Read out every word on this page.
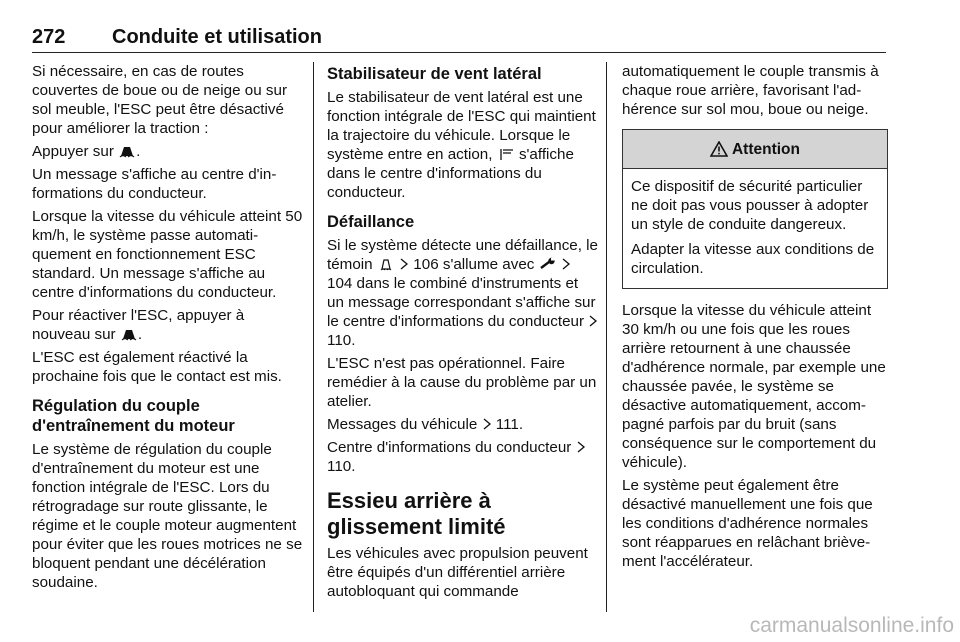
272 Conduite et utilisation

Si nécessaire, en cas de routes couvertes de boue ou de neige ou sur sol meuble, l'ESC peut être désactivé pour améliorer la traction :

Appuyer sur .

Un message s'affiche au centre d'informations du conducteur.

Lorsque la vitesse du véhicule atteint 50 km/h, le système passe automatiquement en fonctionnement ESC standard. Un message s'affiche au centre d'informations du conducteur.

Pour réactiver l'ESC, appuyer à nouveau sur .

L'ESC est également réactivé la prochaine fois que le contact est mis.

Régulation du couple d'entraînement du moteur

Le système de régulation du couple d'entraînement du moteur est une fonction intégrale de l'ESC. Lors du rétrogradage sur route glissante, le régime et le couple moteur augmentent pour éviter que les roues motrices ne se bloquent pendant une décélération soudaine.

Stabilisateur de vent latéral

Le stabilisateur de vent latéral est une fonction intégrale de l'ESC qui maintient la trajectoire du véhicule. Lorsque le système entre en action, s'affiche dans le centre d'informations du conducteur.

Défaillance

Si le système détecte une défaillance, le témoin
	106 s'allume avec

104 dans le combiné d'instruments et un message correspondant s'affiche sur le centre d'informations du conducteur
110.

L'ESC n'est pas opérationnel. Faire remédier à la cause du problème par un atelier.

Messages du véhicule 111.

Centre d'informations du conducteur
110.

Essieu arrière à glissement limité

Les véhicules avec propulsion peuvent être équipés d'un différentiel arrière autobloquant qui commande

automatiquement le couple transmis à chaque roue arrière, favorisant l'adhérence sur sol mou, boue ou neige.

Attention

Ce dispositif de sécurité particulier ne doit pas vous pousser à adopter un style de conduite dangereux.

Adapter la vitesse aux conditions de circulation.

Lorsque la vitesse du véhicule atteint 30 km/h ou une fois que les roues arrière retournent à une chaussée d'adhérence normale, par exemple une chaussée pavée, le système se désactive automatiquement, accompagné parfois par du bruit (sans conséquence sur le comportement du véhicule).

Le système peut également être désactivé manuellement une fois que les conditions d'adhérence normales sont réapparues en relâchant brièvement l'accélérateur.

carmanualsonline.info
